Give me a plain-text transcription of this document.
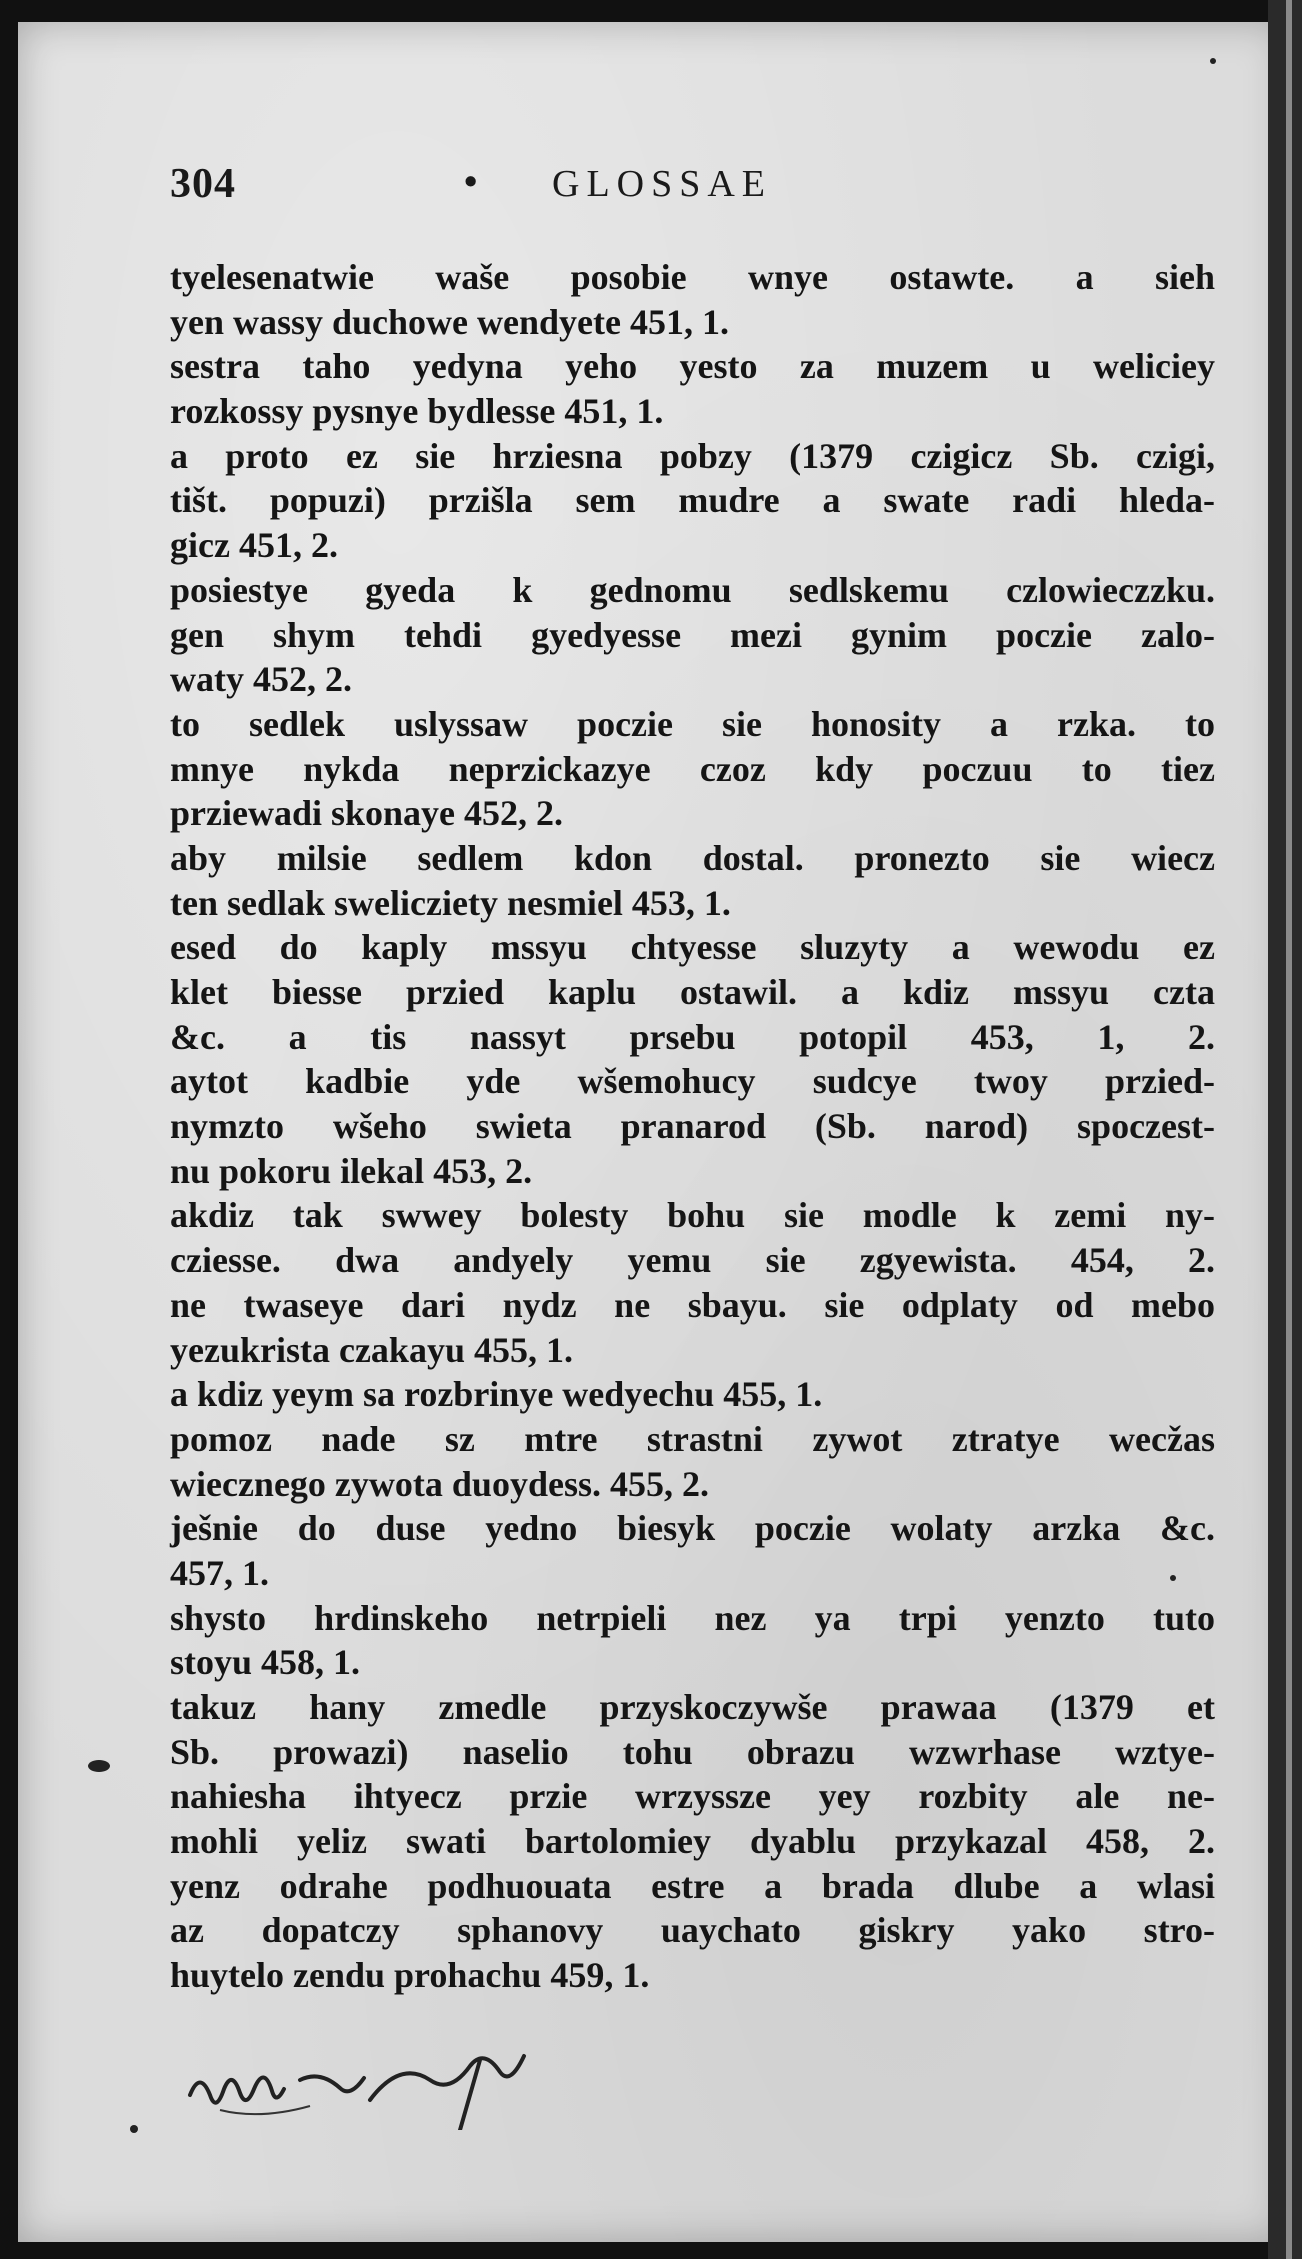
304	• GLOSSAE
tyelesenatwie waše posobie wnye ostawte. a sieh
yen wassy duchowe wendyete 451, 1.
sestra taho yedyna yeho yesto za muzem u weliciey
rozkossy pysnye bydlesse 451, 1.
a proto ez sie hrziesna pobzy (1379 czigicz Sb. czigi,
tišt. popuzi) przišla sem mudre a swate radi hleda-
gicz 451, 2.
posiestye gyeda k gednomu sedlskemu czlowieczzku.
gen shym tehdi gyedyesse mezi gynim poczie zalo-
waty 452, 2.
to sedlek uslyssaw poczie sie honosity a rzka. to
mnye nykda neprzickazye czoz kdy poczuu to tiez
prziewadi skonaye 452, 2.
aby milsie sedlem kdon dostal. pronezto sie wiecz
ten sedlak swelicziety nesmiel 453, 1.
esed do kaply mssyu chtyesse sluzyty a wewodu ez
klet biesse przied kaplu ostawil. a kdiz mssyu czta
&c. a tis nassyt prsebu potopil 453, 1, 2.
aytot kadbie yde wšemohucy sudcye twoy przied-
nymzto wšeho swieta pranarod (Sb. narod) spoczest-
nu pokoru ilekal 453, 2.
akdiz tak swwey bolesty bohu sie modle k zemi ny-
cziesse. dwa andyely yemu sie zgyewista. 454, 2.
ne twaseye dari nydz ne sbayu. sie odplaty od mebo
yezukrista czakayu 455, 1.
a kdiz yeym sa rozbrinye wedyechu 455, 1.
pomoz nade sz mtre strastni zywot ztratye wecžas
wiecznego zywota duoydess. 455, 2.
ješnie do duse yedno biesyk poczie wolaty arzka &c.
457, 1.
shysto hrdinskeho netrpieli nez ya trpi yenzto tuto
stoyu 458, 1.
takuz hany zmedle przyskoczywše prawaa (1379 et
Sb. prowazi) naselio tohu obrazu wzwrhase wztye-
nahiesha ihtyecz przie wrzyssze yey rozbity ale ne-
mohli yeliz swati bartolomiey dyablu przykazal 458, 2.
yenz odrahe podhuouata estre a brada dlube a wlasi
az dopatczy sphanovy uaychato giskry yako stro-
huytelo zendu prohachu 459, 1.
